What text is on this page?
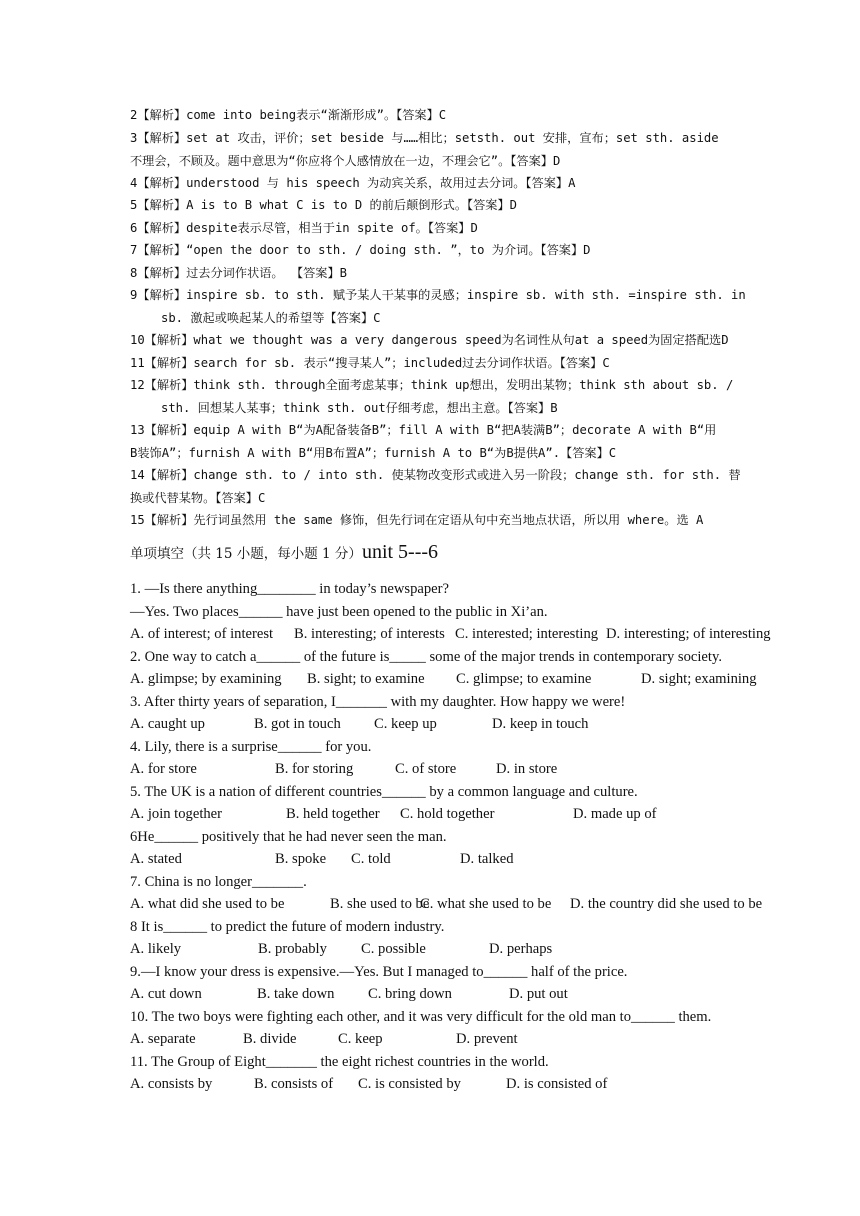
2【解析】come into being表示“渐渐形成”。【答案】C
3【解析】set at 攻击，评价；set beside 与……相比；setsth. out 安排，宣布；set sth. aside
不理会，不顾及。题中意思为“你应将个人感情放在一边，不理会它”。【答案】D
4【解析】understood 与 his speech 为动宾关系，故用过去分词。【答案】A
5【解析】A is to B what C is to D 的前后颠倒形式。【答案】D
6【解析】despite表示尽管，相当于in spite of。【答案】D
7【解析】“open the door to sth. / doing sth. ”，to 为介词。【答案】D
8【解析】过去分词作状语。 【答案】B
9【解析】inspire sb. to sth. 赋予某人干某事的灵感；inspire sb. with sth. =inspire sth. in
sb. 激起或唤起某人的希望等【答案】C
10【解析】what we thought was a very dangerous speed为名词性从句at a speed为固定搭配选D
11【解析】search for sb. 表示“搜寻某人”；included过去分词作状语。【答案】C
12【解析】think sth. through全面考虑某事；think up想出，发明出某物；think sth about sb. /
sth. 回想某人某事；think sth. out仔细考虑，想出主意。【答案】B
13【解析】equip A with B“为A配备装备B”；fill A with B“把A装满B”；decorate A with B“用
B装饰A”；furnish A with B“用B布置A”；furnish A to B“为B提供A”.【答案】C
14【解析】change sth. to / into sth. 使某物改变形式或进入另一阶段；change sth. for sth. 替
换或代替某物。【答案】C
15【解析】先行词虽然用 the same 修饰，但先行词在定语从句中充当地点状语，所以用 where。选 A
单项填空（共 15 小题，每小题 1 分）unit 5---6
1. —Is there anything________ in today’s newspaper?
—Yes. Two places______ have just been opened to the public in Xi’an.
A. of interest; of interest B. interesting; of interests C. interested; interesting D. interesting; of interesting
2. One way to catch a______ of the future is_____ some of the major trends in contemporary society.
A. glimpse; by examining B. sight; to examine C. glimpse; to examine	D. sight; examining
3. After thirty years of separation, I_______ with my daughter. How happy we were!
A. caught up	B. got in touch C. keep up	D. keep in touch
4. Lily, there is a surprise______ for you.
A. for store	B. for storing	C. of store	D. in store
5. The UK is a nation of different countries______ by a common language and culture.
A. join together	B. held together C. hold together	D. made up of
6He______ positively that he had never seen the man.
A. stated	B. spoke C. told	D. talked
7. China is no longer_______.
A. what did she used to be	B. she used to be
C. what she used to be D. the country did she used to be
8 It is______ to predict the future of modern industry.
A. likely	B. probably C. possible	D. perhaps
9.—I know your dress is expensive.—Yes. But I managed to______ half of the price.
A. cut down	B. take down C. bring down	D. put out
10. The two boys were fighting each other, and it was very difficult for the old man to______ them.
A. separate	B. divide	C. keep	D. prevent
11. The Group of Eight_______ the eight richest countries in the world.
A. consists by	B. consists of C. is consisted by	D. is consisted of
